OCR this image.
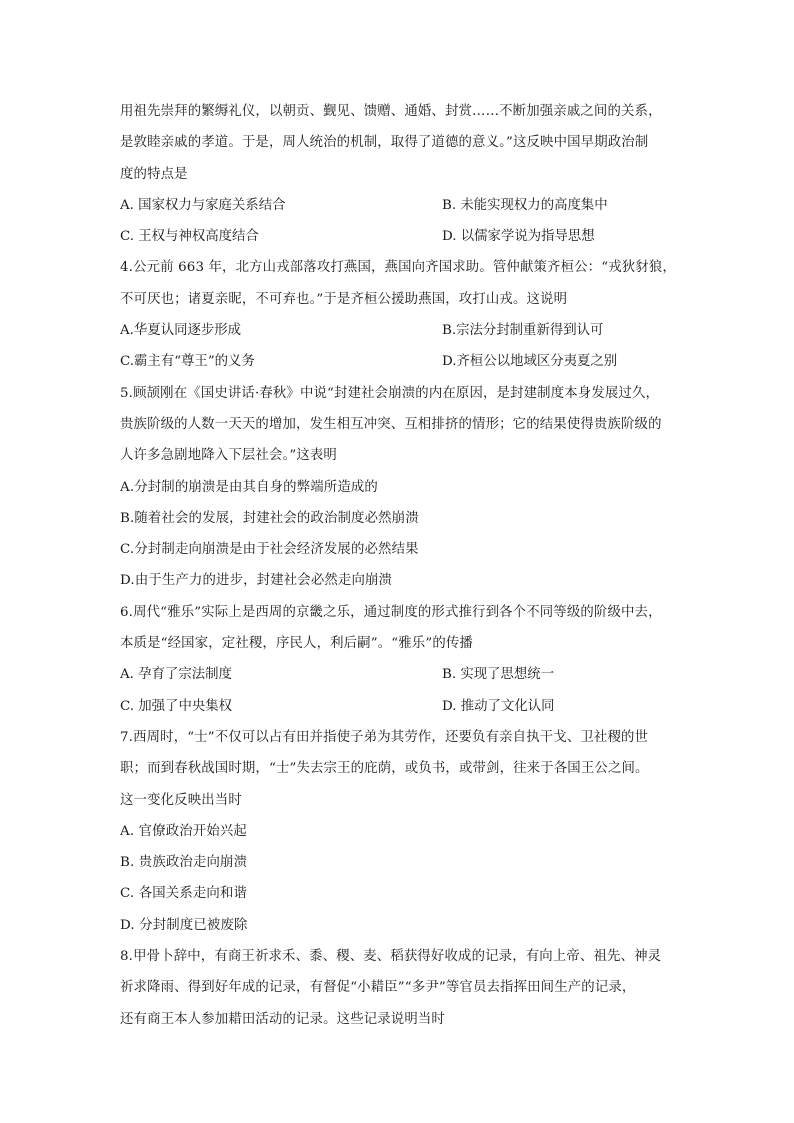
用祖先崇拜的繁缛礼仪，以朝贡、觐见、馈赠、通婚、封赏……不断加强亲戚之间的关系，
是敦睦亲戚的孝道。于是，周人统治的机制，取得了道德的意义。”这反映中国早期政治制
度的特点是
A. 国家权力与家庭关系结合	B. 未能实现权力的高度集中
C. 王权与神权高度结合	D. 以儒家学说为指导思想
4.公元前 663 年，北方山戎部落攻打燕国，燕国向齐国求助。管仲献策齐桓公：“戎狄豺狼，
不可厌也；诸夏亲昵，不可弃也。”于是齐桓公援助燕国，攻打山戎。这说明
A.华夏认同逐步形成	B.宗法分封制重新得到认可
C.霸主有“尊王”的义务	D.齐桓公以地域区分夷夏之别
5.顾颉刚在《国史讲话·春秋》中说“封建社会崩溃的内在原因，是封建制度本身发展过久，
贵族阶级的人数一天天的增加，发生相互冲突、互相排挤的情形；它的结果使得贵族阶级的
人许多急剧地降入下层社会。”这表明
A.分封制的崩溃是由其自身的弊端所造成的
B.随着社会的发展，封建社会的政治制度必然崩溃
C.分封制走向崩溃是由于社会经济发展的必然结果
D.由于生产力的进步，封建社会必然走向崩溃
6.周代“雅乐”实际上是西周的京畿之乐，通过制度的形式推行到各个不同等级的阶级中去，
本质是“经国家，定社稷，序民人，利后嗣”。“雅乐”的传播
A. 孕育了宗法制度	B. 实现了思想统一
C. 加强了中央集权	D. 推动了文化认同
7.西周时，“士”不仅可以占有田并指使子弟为其劳作，还要负有亲自执干戈、卫社稷的世
职；而到春秋战国时期，“士”失去宗王的庇荫，或负书，或带剑，往来于各国王公之间。
这一变化反映出当时
A. 官僚政治开始兴起
B. 贵族政治走向崩溃
C. 各国关系走向和谐
D. 分封制度已被废除
8.甲骨卜辞中，有商王祈求禾、黍、稷、麦、稻获得好收成的记录，有向上帝、祖先、神灵
祈求降雨、得到好年成的记录，有督促“小耤臣”“多尹”等官员去指挥田间生产的记录，
还有商王本人参加耤田活动的记录。这些记录说明当时
